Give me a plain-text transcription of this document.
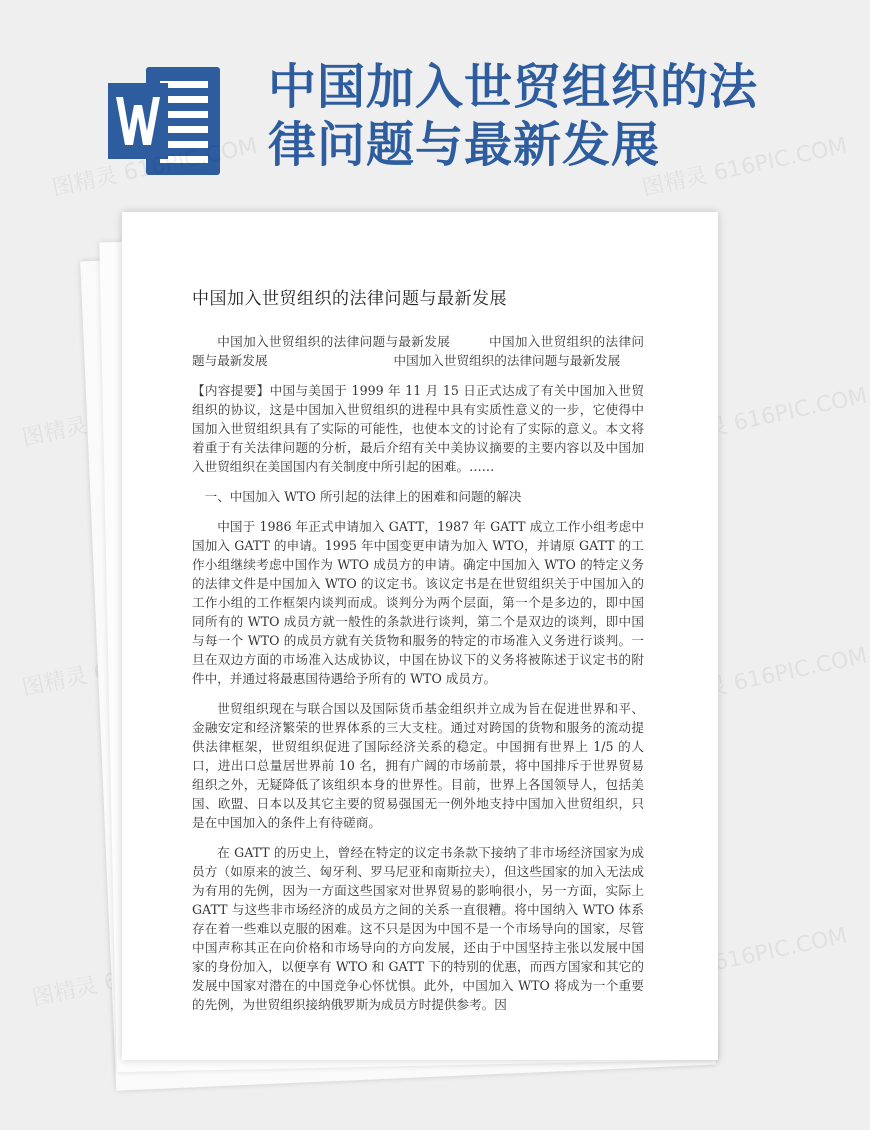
中国加入世贸组织的法律问题与最新发展
图精灵	图精灵 616PIC.COM
图精灵	图精灵 616PIC.COM
图精灵	图精灵 616PIC.COM
图精灵
图精灵 616PIC.COM
中国加入世贸组织的法律问题与最新发展

中国加入世贸组织的法律问题与最新发展　　　中国加入世贸组织的法律问题与最新发展　　　　　　　　　　中国加入世贸组织的法律问题与最新发展

【内容提要】中国与美国于 1999 年 11 月 15 日正式达成了有关中国加入世贸组织的协议，这是中国加入世贸组织的进程中具有实质性意义的一步，它使得中国加入世贸组织具有了实际的可能性，也使本文的讨论有了实际的意义。本文将着重于有关法律问题的分析，最后介绍有关中美协议摘要的主要内容以及中国加入世贸组织在美国国内有关制度中所引起的困难。……

一、中国加入 WTO 所引起的法律上的困难和问题的解决

中国于 1986 年正式申请加入 GATT，1987 年 GATT 成立工作小组考虑中国加入 GATT 的申请。1995 年中国变更申请为加入 WTO，并请原 GATT 的工作小组继续考虑中国作为 WTO 成员方的申请。确定中国加入 WTO 的特定义务的法律文件是中国加入 WTO 的议定书。该议定书是在世贸组织关于中国加入的工作小组的工作框架内谈判而成。谈判分为两个层面，第一个是多边的，即中国同所有的 WTO 成员方就一般性的条款进行谈判，第二个是双边的谈判，即中国与每一个 WTO 的成员方就有关货物和服务的特定的市场准入义务进行谈判。一旦在双边方面的市场准入达成协议，中国在协议下的义务将被陈述于议定书的附件中，并通过将最惠国待遇给予所有的 WTO 成员方。

世贸组织现在与联合国以及国际货币基金组织并立成为旨在促进世界和平、金融安定和经济繁荣的世界体系的三大支柱。通过对跨国的货物和服务的流动提供法律框架，世贸组织促进了国际经济关系的稳定。中国拥有世界上 1/5 的人口，进出口总量居世界前 10 名，拥有广阔的市场前景，将中国排斥于世界贸易组织之外，无疑降低了该组织本身的世界性。目前，世界上各国领导人，包括美国、欧盟、日本以及其它主要的贸易强国无一例外地支持中国加入世贸组织，只是在中国加入的条件上有待磋商。

在 GATT 的历史上，曾经在特定的议定书条款下接纳了非市场经济国家为成员方（如原来的波兰、匈牙利、罗马尼亚和南斯拉夫），但这些国家的加入无法成为有用的先例，因为一方面这些国家对世界贸易的影响很小，另一方面，实际上 GATT 与这些非市场经济的成员方之间的关系一直很糟。将中国纳入 WTO 体系存在着一些难以克服的困难。这不只是因为中国不是一个市场导向的国家，尽管中国声称其正在向价格和市场导向的方向发展，还由于中国坚持主张以发展中国家的身份加入，以便享有 WTO 和 GATT 下的特别的优惠，而西方国家和其它的发展中国家对潜在的中国竞争心怀忧惧。此外，中国加入 WTO 将成为一个重要的先例，为世贸组织接纳俄罗斯为成员方时提供参考。因
